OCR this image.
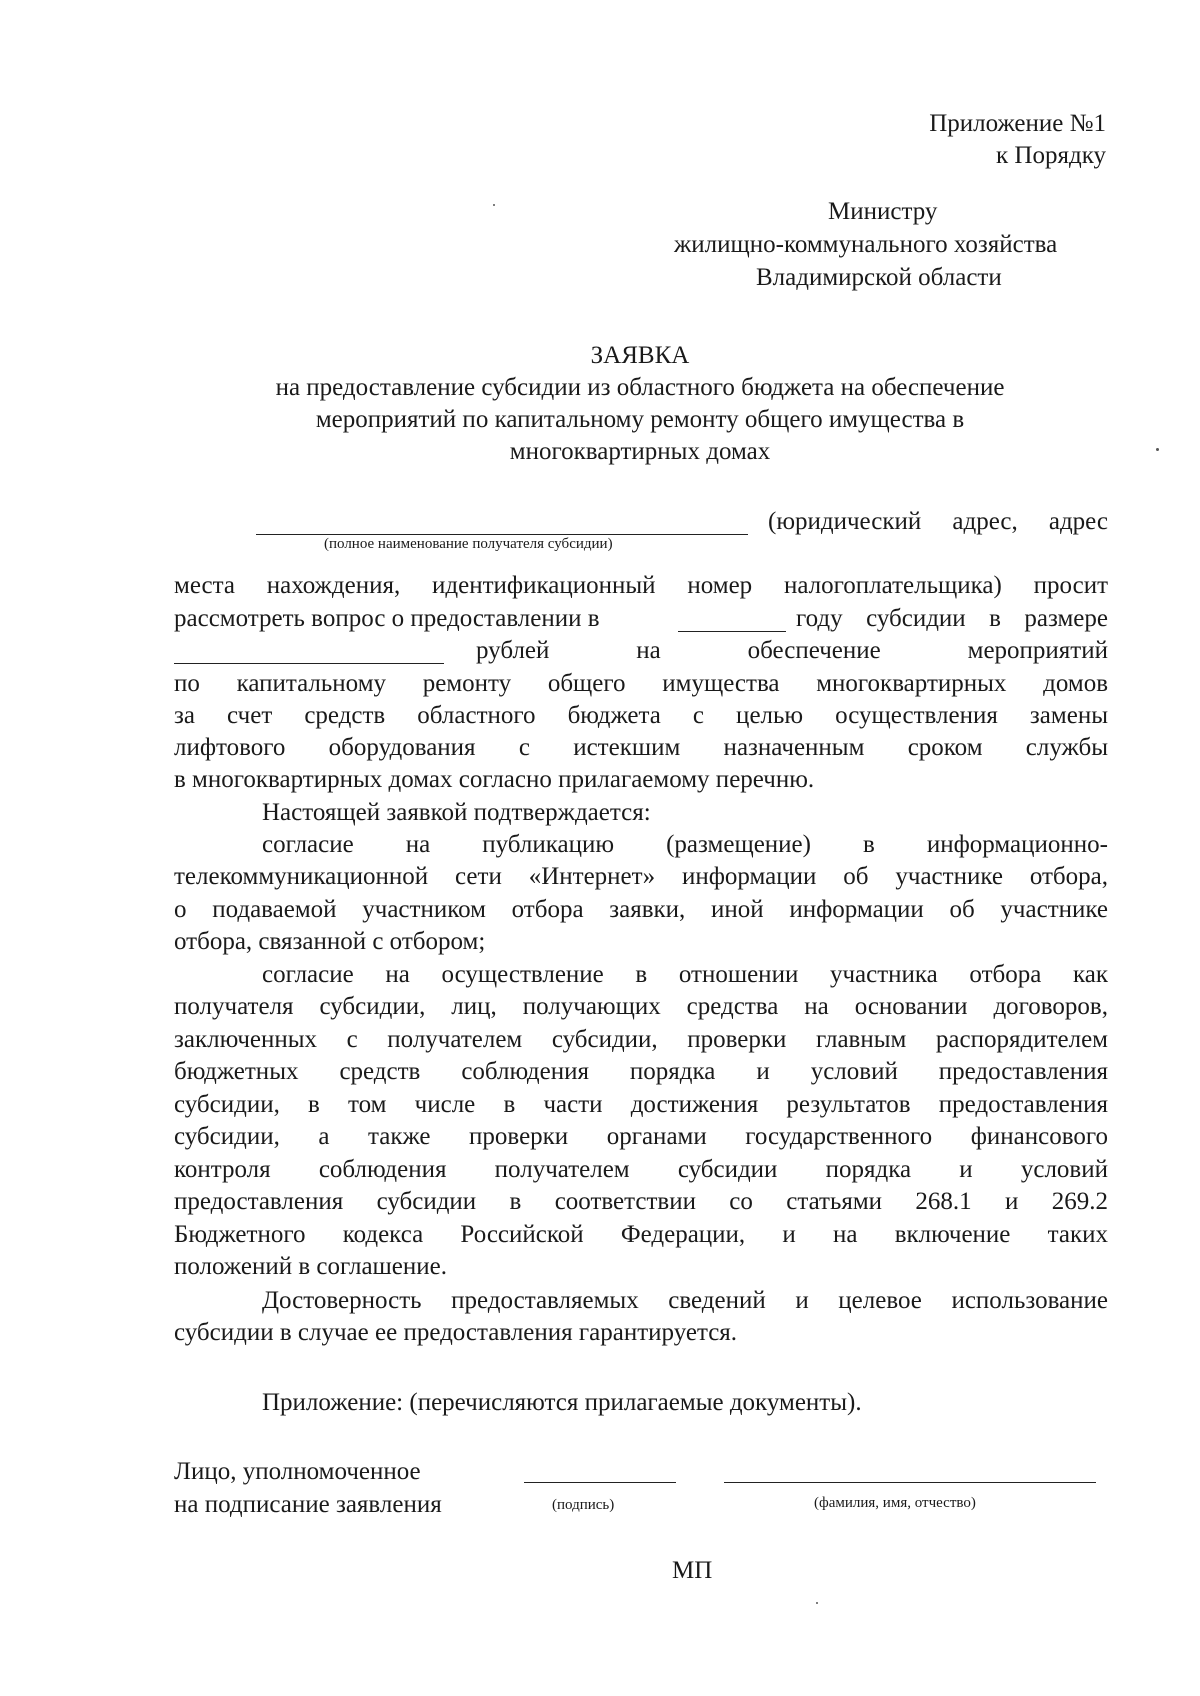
Приложение №1
к Порядку
Министру
жилищно-коммунального хозяйства
Владимирской области
ЗАЯВКА
на предоставление субсидии из областного бюджета на обеспечение
мероприятий по капитальному ремонту общего имущества в
многоквартирных домах
(юридический адрес, адрес
(полное наименование получателя субсидии)
места нахождения, идентификационный номер налогоплательщика) просит
рассмотреть вопрос о предоставлении в	году субсидии в размере
рублей на обеспечение мероприятий
по капитальному ремонту общего имущества многоквартирных домов
за счет средств областного бюджета с целью осуществления замены
лифтового оборудования с истекшим назначенным сроком службы
в многоквартирных домах согласно прилагаемому перечню.
Настоящей заявкой подтверждается:
согласие на публикацию (размещение) в информационно-
телекоммуникационной сети «Интернет» информации об участнике отбора,
о подаваемой участником отбора заявки, иной информации об участнике
отбора, связанной с отбором;
согласие на осуществление в отношении участника отбора как
получателя субсидии, лиц, получающих средства на основании договоров,
заключенных с получателем субсидии, проверки главным распорядителем
бюджетных средств соблюдения порядка и условий предоставления
субсидии, в том числе в части достижения результатов предоставления
субсидии, а также проверки органами государственного финансового
контроля соблюдения получателем субсидии порядка и условий
предоставления субсидии в соответствии со статьями 268.1 и 269.2
Бюджетного кодекса Российской Федерации, и на включение таких
положений в соглашение.
Достоверность предоставляемых сведений и целевое использование
субсидии в случае ее предоставления гарантируется.
Приложение: (перечисляются прилагаемые документы).
Лицо, уполномоченное
на подписание заявления	(подпись)	(фамилия, имя, отчество)
МП
